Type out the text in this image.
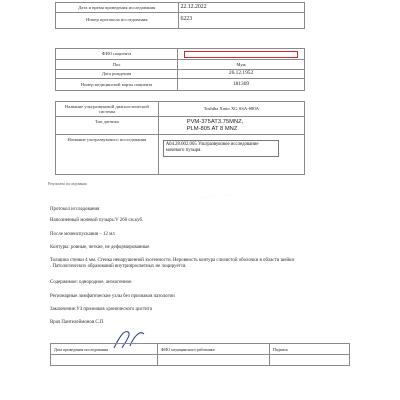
Дата и время проведения исследования	22.12.2022
Номер протокола исследования	6223
ФИО пациента	

Пол	Муж
Дата рождения	26.12.1952
Номер медицинской карты пациента	181309
Название ультразвуковой диагностической системы	Toshiba Xario XG SSA-680A
Тип датчика	PVM-375AT3.75MNZ,
PLM-805 AT 8 MNZ
Название ультразвукового исследования	A04.28.002.005 Ультразвуковое исследование мочевого пузыря.
～～～
Результаты исследования
Протокол исследования
Наполненный мочевой пузырь:V 260 см.куб.
После мочеиспускания – 12 мл
Контуры: ровные, четкие, не деформированные
Толщина стенки 4 мм. Стенка ненарушенной эхогенности. Неровность контура слизистой оболочки в области шейки
. Патологических образований внутрипросветных не лоцируется.
Содержимое: однородное, анэхогенное.
Регионарные лимфатические узлы без признаков патологии
Заключение:УЗ признаков хронического цистита
Врач Пантелеймонов С.П
Дата проведения исследования	ФИО медицинского работника	Подпись
